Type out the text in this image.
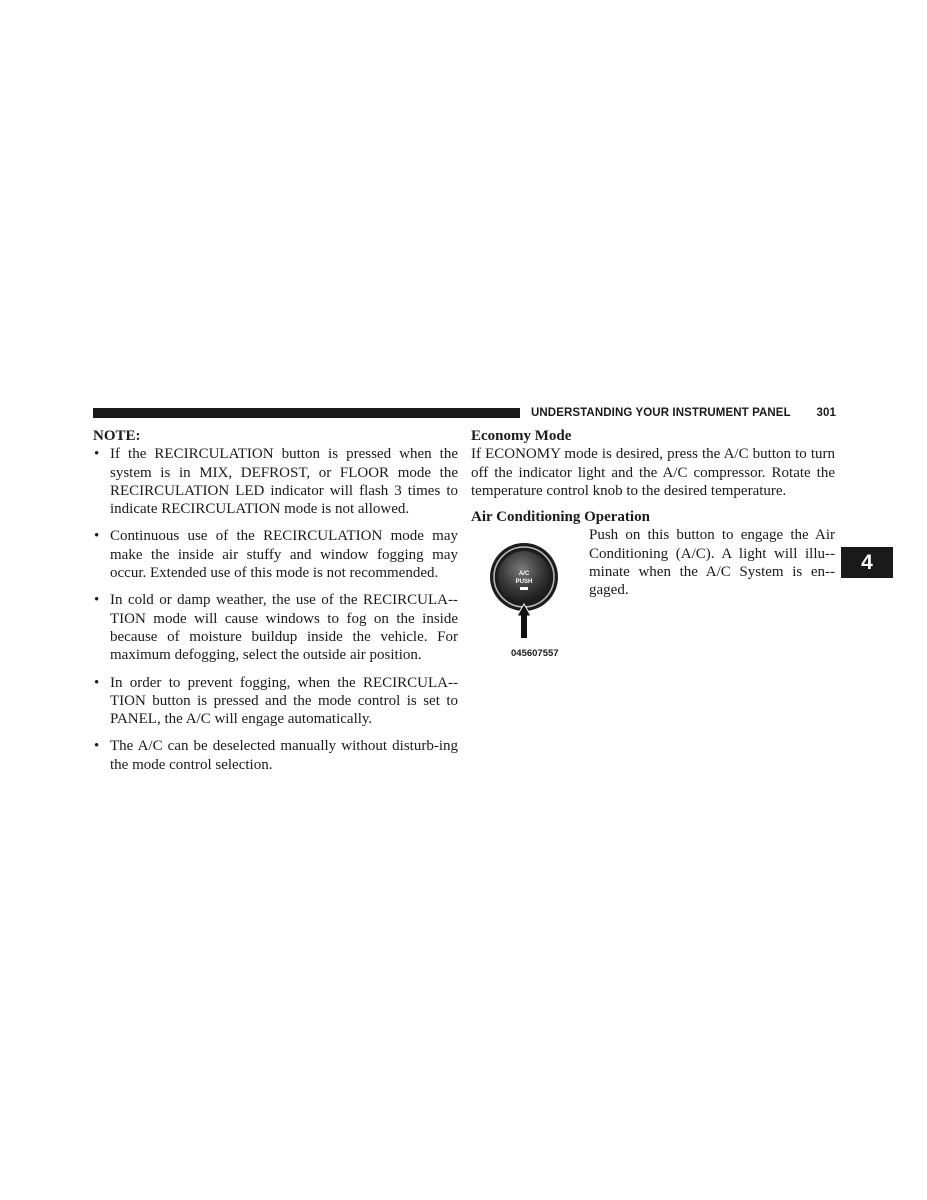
UNDERSTANDING YOUR INSTRUMENT PANEL 301
4
NOTE:
• If the RECIRCULATION button is pressed when the system is in MIX, DEFROST, or FLOOR mode the RECIRCULATION LED indicator will flash 3 times to indicate RECIRCULATION mode is not allowed.
• Continuous use of the RECIRCULATION mode may make the inside air stuffy and window fogging may occur. Extended use of this mode is not recommended.
• In cold or damp weather, the use of the RECIRCULA-TION mode will cause windows to fog on the inside because of moisture buildup inside the vehicle. For maximum defogging, select the outside air position.
• In order to prevent fogging, when the RECIRCULA-TION button is pressed and the mode control is set to PANEL, the A/C will engage automatically.
• The A/C can be deselected manually without disturb-ing the mode control selection.
Economy Mode

If ECONOMY mode is desired, press the A/C button to turn off the indicator light and the A/C compressor. Rotate the temperature control knob to the desired temperature.

Air Conditioning Operation

Push on this button to engage the Air Conditioning (A/C). A light will illu-minate when the A/C System is en-gaged.

A/C
PUSH
045607557
